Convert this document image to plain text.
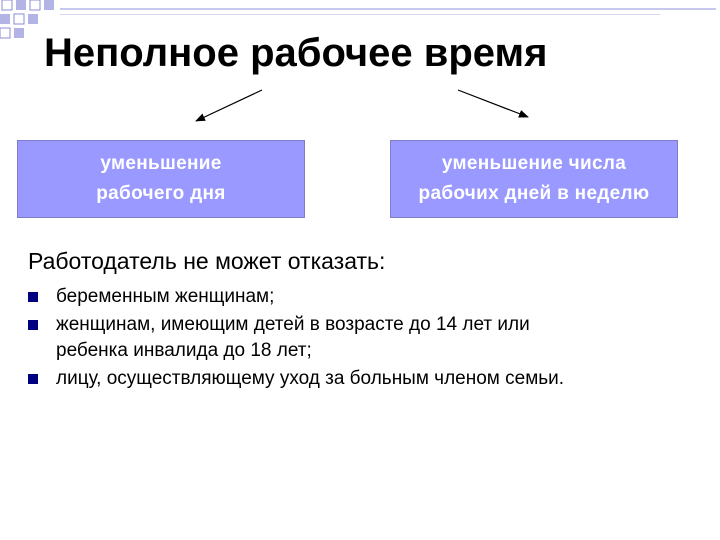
Неполное рабочее время
уменьшение
рабочего дня
уменьшение числа
рабочих дней в неделю

Работодатель не может отказать:

беременным женщинам;
женщинам, имеющим детей в возрасте до 14 лет или
ребенка инвалида до 18 лет;
лицу, осуществляющему уход за больным членом семьи.
